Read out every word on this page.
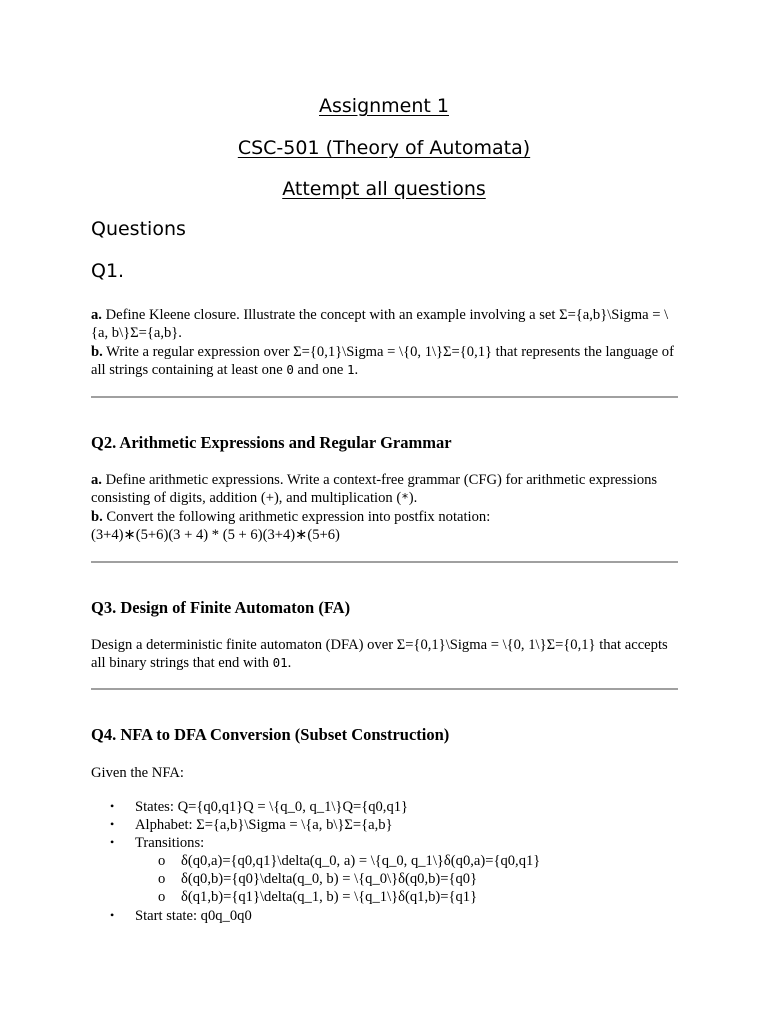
Assignment 1
CSC-501 (Theory of Automata)
Attempt all questions
Questions
Q1.
a. Define Kleene closure. Illustrate the concept with an example involving a set Σ={a,b}\Sigma = \{a, b\}Σ={a,b}.
b. Write a regular expression over Σ={0,1}\Sigma = \{0, 1\}Σ={0,1} that represents the language of all strings containing at least one 0 and one 1.
Q2. Arithmetic Expressions and Regular Grammar
a. Define arithmetic expressions. Write a context-free grammar (CFG) for arithmetic expressions consisting of digits, addition (+), and multiplication (*).
b. Convert the following arithmetic expression into postfix notation:
(3+4)∗(5+6)(3 + 4) * (5 + 6)(3+4)∗(5+6)
Q3. Design of Finite Automaton (FA)
Design a deterministic finite automaton (DFA) over Σ={0,1}\Sigma = \{0, 1\}Σ={0,1} that accepts all binary strings that end with 01.
Q4. NFA to DFA Conversion (Subset Construction)
Given the NFA:
• States: Q={q0,q1}Q = \{q_0, q_1\}Q={q0,q1}
• Alphabet: Σ={a,b}\Sigma = \{a, b\}Σ={a,b}
• Transitions:
o δ(q0,a)={q0,q1}\delta(q_0, a) = \{q_0, q_1\}δ(q0,a)={q0,q1}
o δ(q0,b)={q0}\delta(q_0, b) = \{q_0\}δ(q0,b)={q0}
o δ(q1,b)={q1}\delta(q_1, b) = \{q_1\}δ(q1,b)={q1}
• Start state: q0q_0q0
